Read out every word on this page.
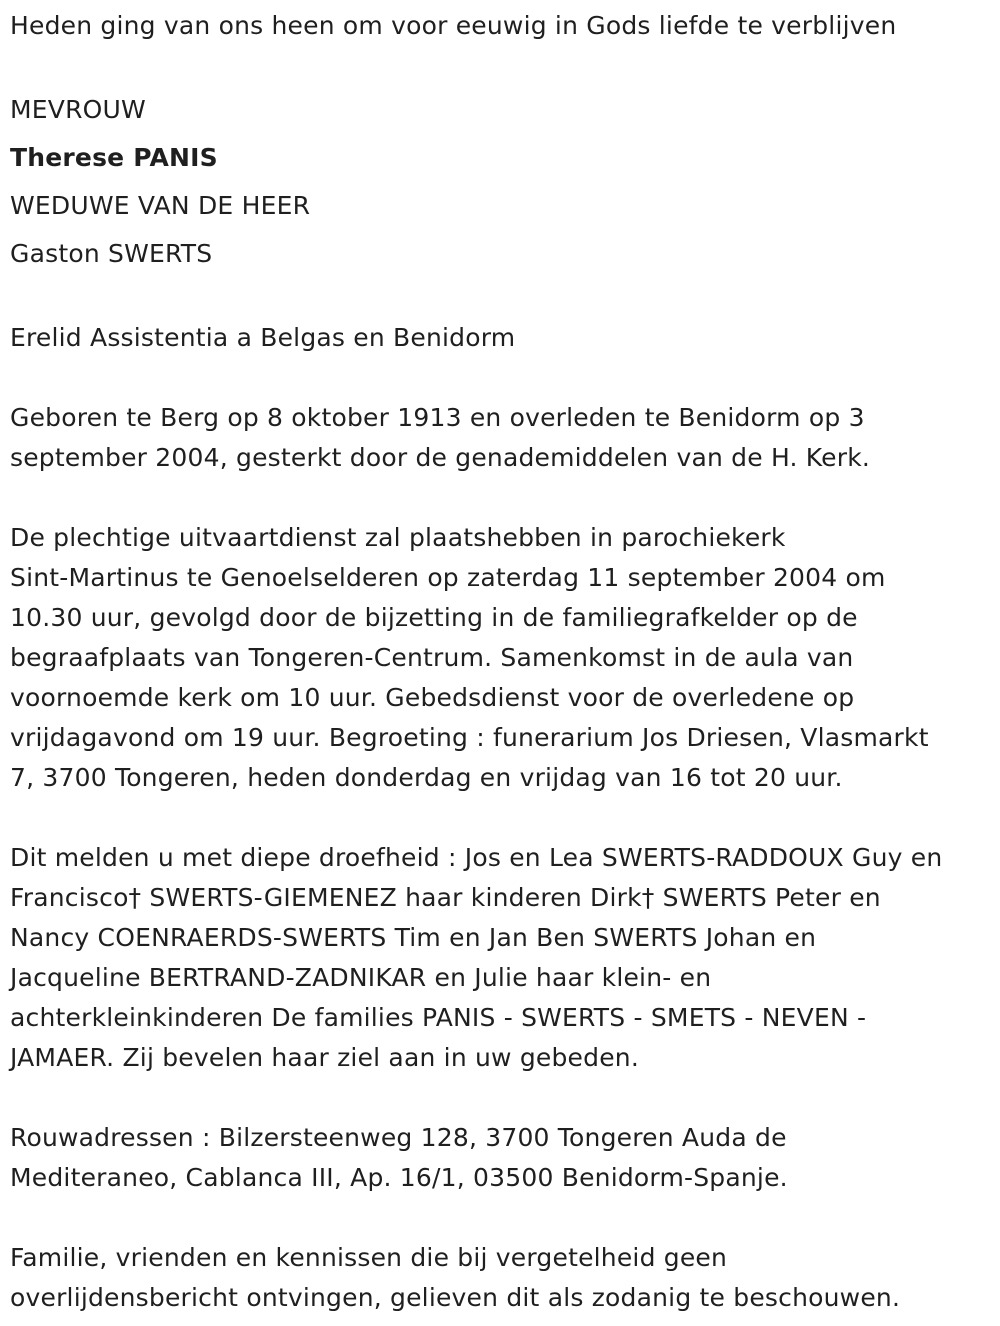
Heden ging van ons heen om voor eeuwig in Gods liefde te verblijven

MEVROUW

Therese PANIS

WEDUWE VAN DE HEER

Gaston SWERTS

Erelid Assistentia a Belgas en Benidorm

Geboren te Berg op 8 oktober 1913 en overleden te Benidorm op 3

september 2004, gesterkt door de genademiddelen van de H. Kerk.

De plechtige uitvaartdienst zal plaatshebben in parochiekerk

Sint-Martinus te Genoelselderen op zaterdag 11 september 2004 om

10.30 uur, gevolgd door de bijzetting in de familiegrafkelder op de

begraafplaats van Tongeren-Centrum. Samenkomst in de aula van

voornoemde kerk om 10 uur. Gebedsdienst voor de overledene op

vrijdagavond om 19 uur. Begroeting : funerarium Jos Driesen, Vlasmarkt

7, 3700 Tongeren, heden donderdag en vrijdag van 16 tot 20 uur.

Dit melden u met diepe droefheid : Jos en Lea SWERTS-RADDOUX Guy en

Francisco† SWERTS-GIEMENEZ haar kinderen Dirk† SWERTS Peter en

Nancy COENRAERDS-SWERTS Tim en Jan Ben SWERTS Johan en

Jacqueline BERTRAND-ZADNIKAR en Julie haar klein- en

achterkleinkinderen De families PANIS - SWERTS - SMETS - NEVEN -

JAMAER. Zij bevelen haar ziel aan in uw gebeden.

Rouwadressen : Bilzersteenweg 128, 3700 Tongeren Auda de

Mediteraneo, Cablanca III, Ap. 16/1, 03500 Benidorm-Spanje.

Familie, vrienden en kennissen die bij vergetelheid geen

overlijdensbericht ontvingen, gelieven dit als zodanig te beschouwen.
